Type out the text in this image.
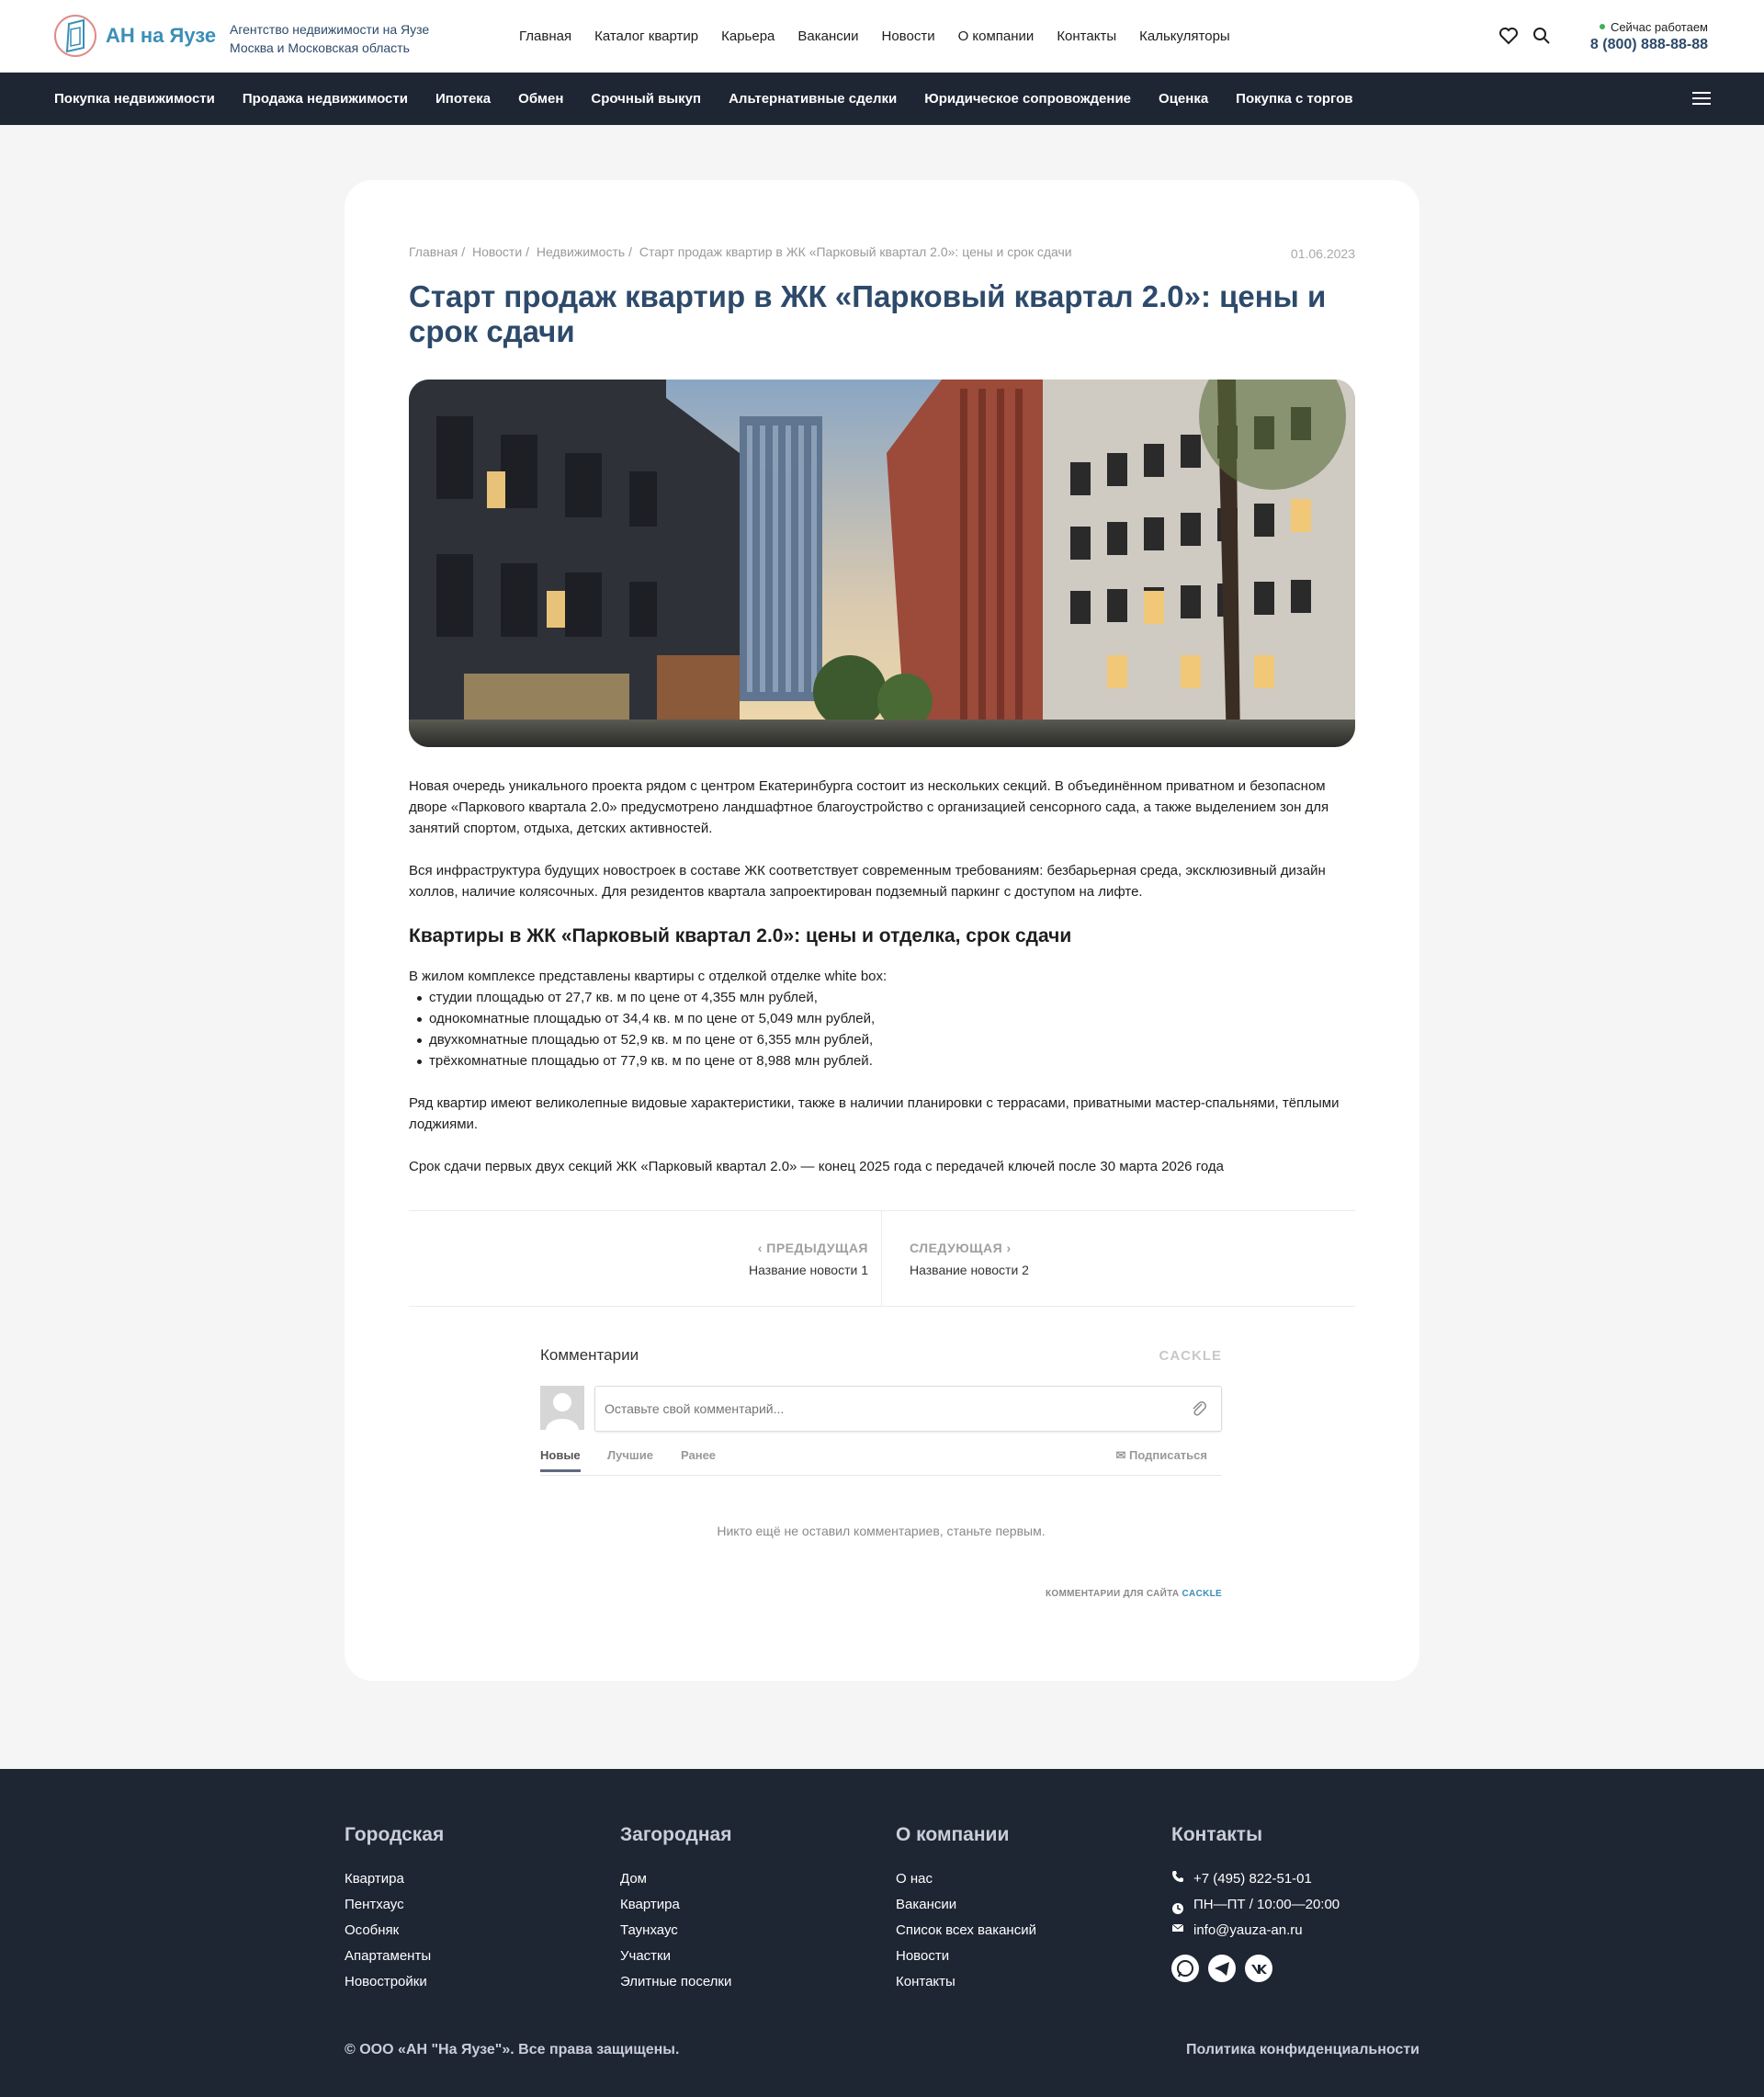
АН на Яузе Агентство недвижимости на Яузе
Москва и Московская область
Главная Каталог квартир Карьера Вакансии Новости О компании Контакты Калькуляторы
Сейчас работаем
8 (800) 888-88-88
Покупка недвижимости Продажа недвижимости Ипотека Обмен Срочный выкуп Альтернативные сделки Юридическое сопровождение Оценка Покупка с торгов
Главная / Новости / Недвижимость / Старт продаж квартир в ЖК «Парковый квартал 2.0»: цены и срок сдачи	01.06.2023
Старт продаж квартир в ЖК «Парковый квартал 2.0»: цены и срок сдачи

Новая очередь уникального проекта рядом с центром Екатеринбурга состоит из нескольких секций. В объединённом приватном и безопасном дворе «Паркового квартала 2.0» предусмотрено ландшафтное благоустройство с организацией сенсорного сада, а также выделением зон для занятий спортом, отдыха, детских активностей.

Вся инфраструктура будущих новостроек в составе ЖК соответствует современным требованиям: безбарьерная среда, эксклюзивный дизайн холлов, наличие колясочных. Для резидентов квартала запроектирован подземный паркинг с доступом на лифте.

Квартиры в ЖК «Парковый квартал 2.0»: цены и отделка, срок сдачи
В жилом комплексе представлены квартиры с отделкой отделке white box:
студии площадью от 27,7 кв. м по цене от 4,355 млн рублей,
однокомнатные площадью от 34,4 кв. м по цене от 5,049 млн рублей,
двухкомнатные площадью от 52,9 кв. м по цене от 6,355 млн рублей,
трёхкомнатные площадью от 77,9 кв. м по цене от 8,988 млн рублей.

Ряд квартир имеют великолепные видовые характеристики, также в наличии планировки с террасами, приватными мастер-спальнями, тёплыми лоджиями.

Срок сдачи первых двух секций ЖК «Парковый квартал 2.0» — конец 2025 года с передачей ключей после 30 марта 2026 года

‹ ПРЕДЫДУЩАЯ
Название новости 1
СЛЕДУЮЩАЯ ›
Название новости 2
Комментарии	CACKLE
Оставьте свой комментарий...
Новые Лучшие Ранее	✉ Подписаться
Никто ещё не оставил комментариев, станьте первым.
КОММЕНТАРИИ ДЛЯ САЙТА CACKLE
Городская
Квартира
Пентхаус
Особняк
Апартаменты
Новостройки
Загородная
Дом
Квартира
Таунхаус
Участки
Элитные поселки
О компании
О нас
Вакансии
Список всех вакансий
Новости
Контакты
Контакты
+7 (495) 822-51-01
ПН—ПТ / 10:00—20:00
info@yauza-an.ru
© ООО «АН "На Яузе"». Все права защищены.	Политика конфиденциальности
